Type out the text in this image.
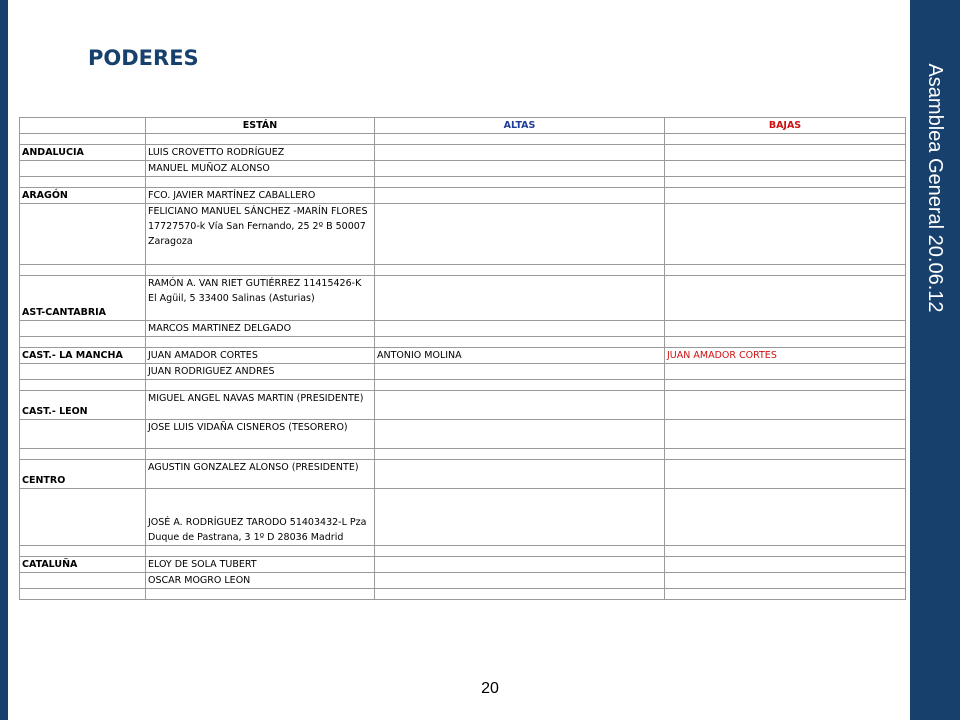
Asamblea General 20.06.12
PODERES
	ESTÁN	ALTAS	BAJAS

ANDALUCIA	LUIS CROVETTO RODRÍGUEZ		
	MANUEL MUÑOZ ALONSO		

ARAGÓN	FCO. JAVIER MARTÍNEZ CABALLERO		
	FELICIANO MANUEL SÁNCHEZ -MARÍN FLORES 17727570-k Vía San Fernando, 25 2º B 50007 Zaragoza		

AST-CANTABRIA	RAMÓN A. VAN RIET GUTIÉRREZ 11415426-K El Agüil, 5 33400 Salinas (Asturias)		
	MARCOS MARTINEZ DELGADO		

CAST.- LA MANCHA	JUAN AMADOR CORTES	ANTONIO MOLINA	JUAN AMADOR CORTES
	JUAN RODRIGUEZ ANDRES		

CAST.- LEON	MIGUEL ANGEL NAVAS MARTIN (PRESIDENTE)		
	JOSE LUIS VIDAÑA CISNEROS (TESORERO)		

CENTRO	AGUSTIN GONZALEZ ALONSO (PRESIDENTE)		
	JOSÉ A. RODRÍGUEZ TARODO 51403432-L Pza Duque de Pastrana, 3 1º D 28036 Madrid		

CATALUÑA	ELOY DE SOLA TUBERT		
	OSCAR MOGRO LEON		

20
